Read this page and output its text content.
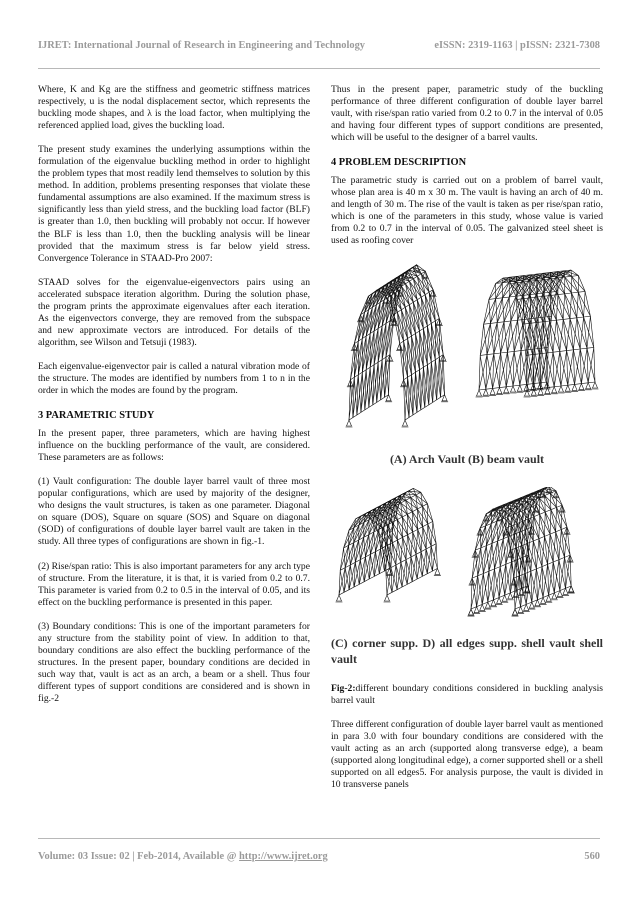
IJRET: International Journal of Research in Engineering and Technology	eISSN: 2319-1163 | pISSN: 2321-7308

Where, K and Kg are the stiffness and geometric stiffness matrices respectively, u is the nodal displacement sector, which represents the buckling mode shapes, and λ is the load factor, when multiplying the referenced applied load, gives the buckling load.

The present study examines the underlying assumptions within the formulation of the eigenvalue buckling method in order to highlight the problem types that most readily lend themselves to solution by this method. In addition, problems presenting responses that violate these fundamental assumptions are also examined. If the maximum stress is significantly less than yield stress, and the buckling load factor (BLF) is greater than 1.0, then buckling will probably not occur. If however the BLF is less than 1.0, then the buckling analysis will be linear provided that the maximum stress is far below yield stress. Convergence Tolerance in STAAD-Pro 2007:

STAAD solves for the eigenvalue-eigenvectors pairs using an accelerated subspace iteration algorithm. During the solution phase, the program prints the approximate eigenvalues after each iteration. As the eigenvectors converge, they are removed from the subspace and new approximate vectors are introduced. For details of the algorithm, see Wilson and Tetsuji (1983).

Each eigenvalue-eigenvector pair is called a natural vibration mode of the structure. The modes are identified by numbers from 1 to n in the order in which the modes are found by the program.

3 PARAMETRIC STUDY

In the present paper, three parameters, which are having highest influence on the buckling performance of the vault, are considered. These parameters are as follows:

(1) Vault configuration: The double layer barrel vault of three most popular configurations, which are used by majority of the designer, who designs the vault structures, is taken as one parameter. Diagonal on square (DOS), Square on square (SOS) and Square on diagonal (SOD) of configurations of double layer barrel vault are taken in the study. All three types of configurations are shown in fig.-1.

(2) Rise/span ratio: This is also important parameters for any arch type of structure. From the literature, it is that, it is varied from 0.2 to 0.7. This parameter is varied from 0.2 to 0.5 in the interval of 0.05, and its effect on the buckling performance is presented in this paper.

(3) Boundary conditions: This is one of the important parameters for any structure from the stability point of view. In addition to that, boundary conditions are also effect the buckling performance of the structures. In the present paper, boundary conditions are decided in such way that, vault is act as an arch, a beam or a shell. Thus four different types of support conditions are considered and is shown in fig.-2

Thus in the present paper, parametric study of the buckling performance of three different configuration of double layer barrel vault, with rise/span ratio varied from 0.2 to 0.7 in the interval of 0.05 and having four different types of support conditions are presented, which will be useful to the designer of a barrel vaults.

4 PROBLEM DESCRIPTION

The parametric study is carried out on a problem of barrel vault, whose plan area is 40 m x 30 m. The vault is having an arch of 40 m. and length of 30 m. The rise of the vault is taken as per rise/span ratio, which is one of the parameters in this study, whose value is varied from 0.2 to 0.7 in the interval of 0.05. The galvanized steel sheet is used as roofing cover

(A) Arch Vault (B) beam vault
(C) corner supp. D) all edges supp. shell vault shell vault

Fig-2:different boundary conditions considered in buckling analysis barrel vault

Three different configuration of double layer barrel vault as mentioned in para 3.0 with four boundary conditions are considered with the vault acting as an arch (supported along transverse edge), a beam (supported along longitudinal edge), a corner supported shell or a shell supported on all edges5. For analysis purpose, the vault is divided in 10 transverse panels

Volume: 03 Issue: 02 | Feb-2014, Available @ http://www.ijret.org	560
